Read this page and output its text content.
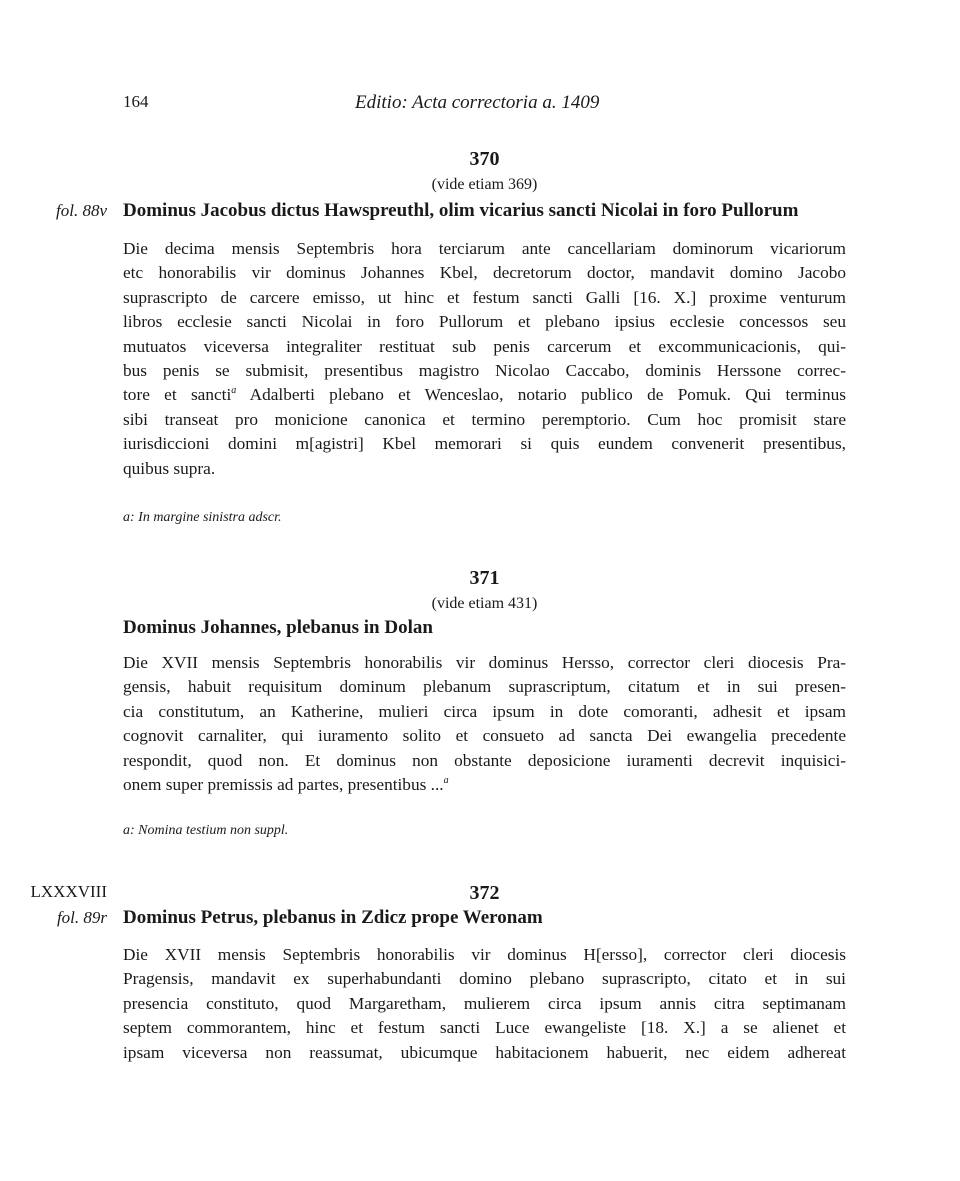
164	Editio: Acta correctoria a. 1409
370
(vide etiam 369)
fol. 88v Dominus Jacobus dictus Hawspreuthl, olim vicarius sancti Nicolai in foro Pullorum
Die decima mensis Septembris hora terciarum ante cancellariam dominorum vicariorum
etc honorabilis vir dominus Johannes Kbel, decretorum doctor, mandavit domino Jacobo
suprascripto de carcere emisso, ut hinc et festum sancti Galli [16. X.] proxime venturum
libros ecclesie sancti Nicolai in foro Pullorum et plebano ipsius ecclesie concessos seu
mutuatos viceversa integraliter restituat sub penis carcerum et excommunicacionis, qui-
bus penis se submisit, presentibus magistro Nicolao Caccabo, dominis Herssone correc-
tore et sancti$^a$ Adalberti plebano et Wenceslao, notario publico de Pomuk. Qui terminus
sibi transeat pro monicione canonica et termino peremptorio. Cum hoc promisit stare
iurisdiccioni domini m[agistri] Kbel memorari si quis eundem convenerit presentibus,
quibus supra.
a: In margine sinistra adscr.
371
(vide etiam 431)
Dominus Johannes, plebanus in Dolan
Die XVII mensis Septembris honorabilis vir dominus Hersso, corrector cleri diocesis Pra-
gensis, habuit requisitum dominum plebanum suprascriptum, citatum et in sui presen-
cia constitutum, an Katherine, mulieri circa ipsum in dote comoranti, adhesit et ipsam
cognovit carnaliter, qui iuramento solito et consueto ad sancta Dei ewangelia precedente
respondit, quod non. Et dominus non obstante deposicione iuramenti decrevit inquisici-
onem super premissis ad partes, presentibus ...$^a$
a: Nomina testium non suppl.
LXXXVIII	372
fol. 89r Dominus Petrus, plebanus in Zdicz prope Weronam
Die XVII mensis Septembris honorabilis vir dominus H[ersso], corrector cleri diocesis
Pragensis, mandavit ex superhabundanti domino plebano suprascripto, citato et in sui
presencia constituto, quod Margaretham, mulierem circa ipsum annis citra septimanam
septem commorantem, hinc et festum sancti Luce ewangeliste [18. X.] a se alienet et
ipsam viceversa non reassumat, ubicumque habitacionem habuerit, nec eidem adhereat
